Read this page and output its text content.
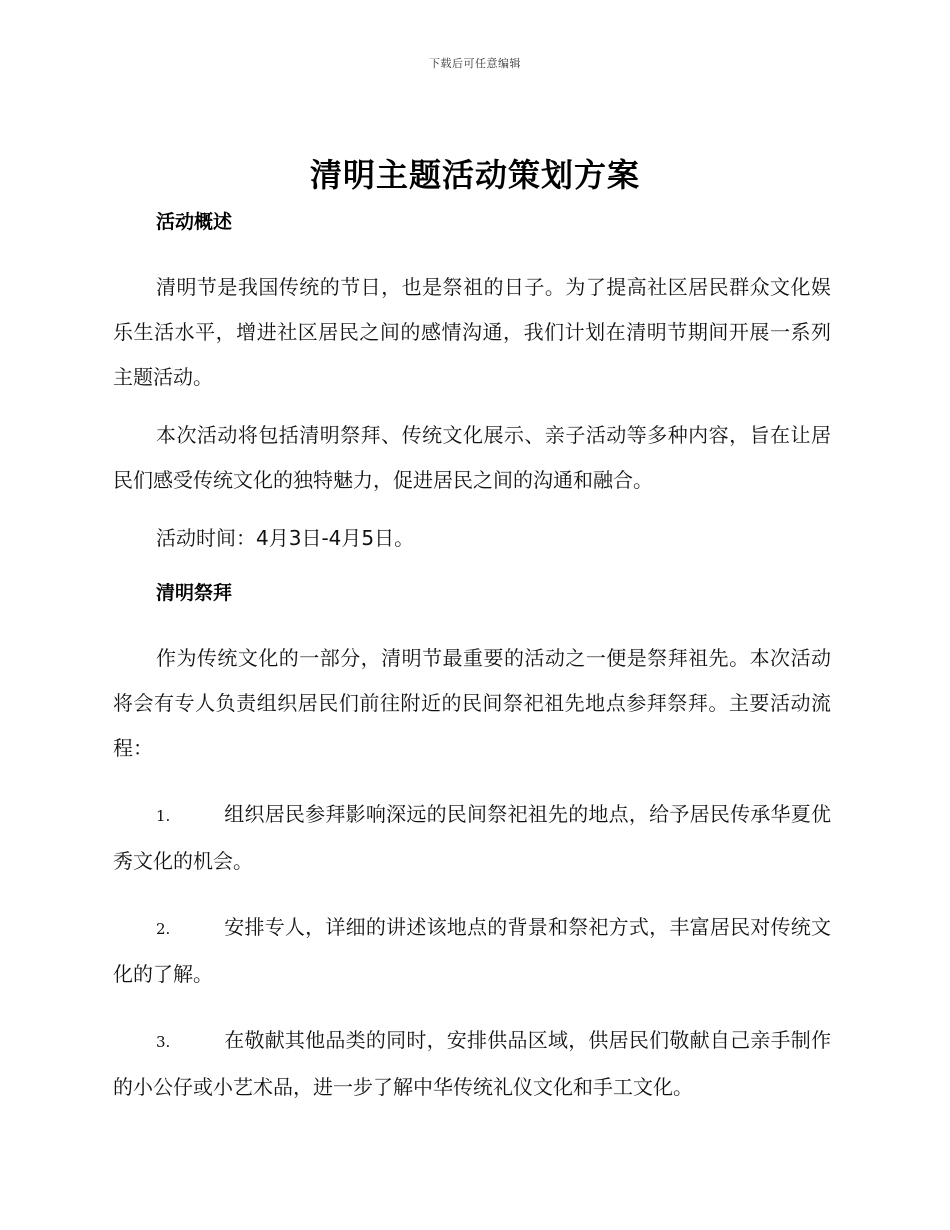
下载后可任意编辑
清明主题活动策划方案
活动概述

清明节是我国传统的节日，也是祭祖的日子。为了提高社区居民群众文化娱乐生活水平，增进社区居民之间的感情沟通，我们计划在清明节期间开展一系列主题活动。

本次活动将包括清明祭拜、传统文化展示、亲子活动等多种内容，旨在让居民们感受传统文化的独特魅力，促进居民之间的沟通和融合。

活动时间：4月3日-4月5日。

清明祭拜

作为传统文化的一部分，清明节最重要的活动之一便是祭拜祖先。本次活动将会有专人负责组织居民们前往附近的民间祭祀祖先地点参拜祭拜。主要活动流程：

1.	组织居民参拜影响深远的民间祭祀祖先的地点，给予居民传承华夏优秀文化的机会。

2.	安排专人，详细的讲述该地点的背景和祭祀方式，丰富居民对传统文化的了解。

3.	在敬献其他品类的同时，安排供品区域，供居民们敬献自己亲手制作的小公仔或小艺术品，进一步了解中华传统礼仪文化和手工文化。
